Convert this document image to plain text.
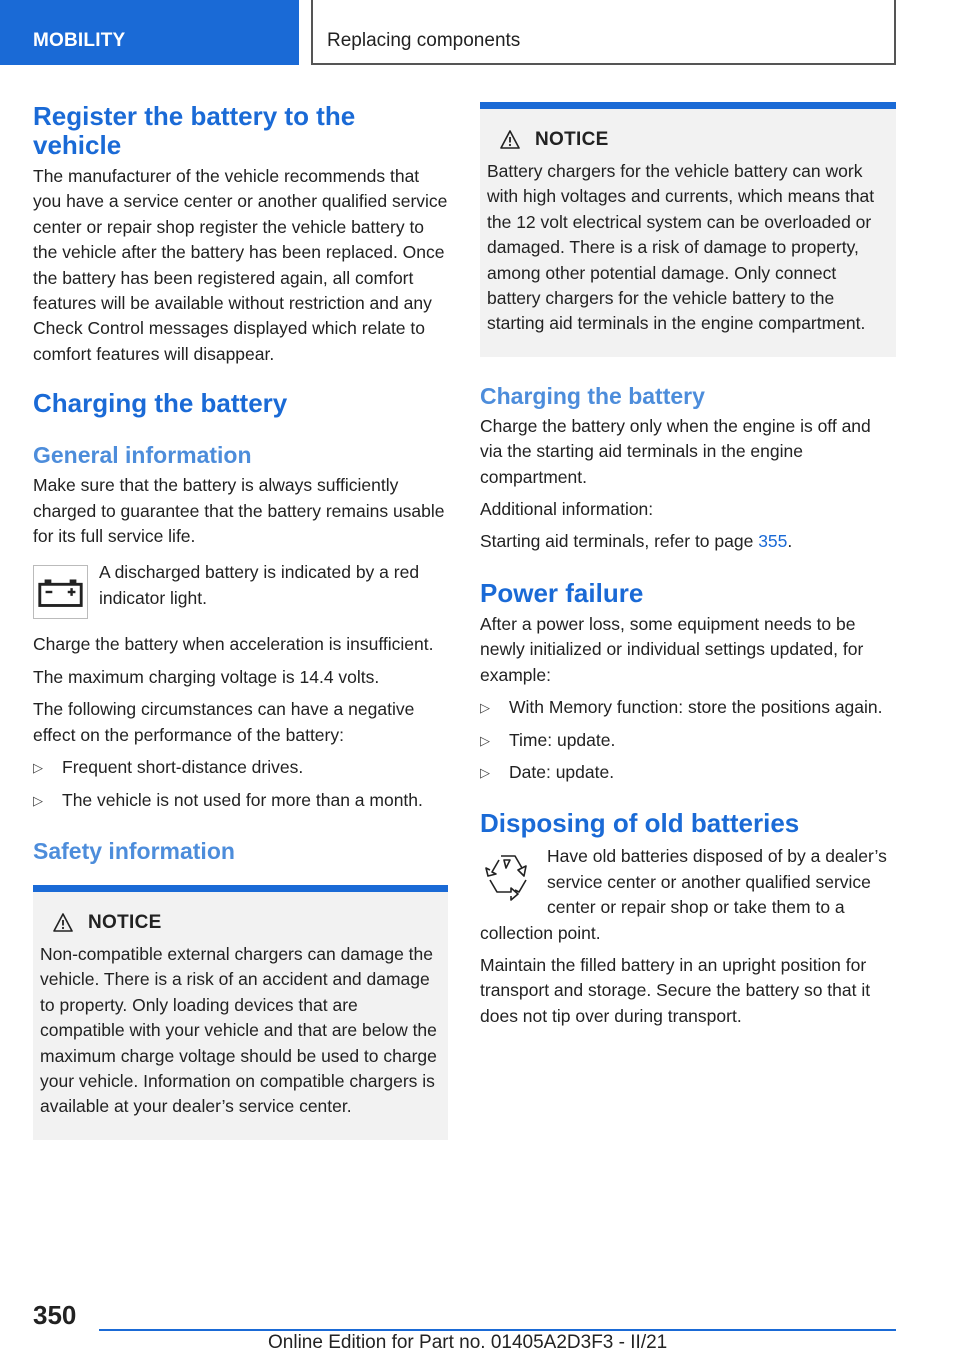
MOBILITY	Replacing components
Register the battery to the vehicle

The manufacturer of the vehicle recommends that you have a service center or another qualified service center or repair shop register the vehicle battery to the vehicle after the battery has been replaced. Once the battery has been registered again, all comfort features will be available without restriction and any Check Control messages displayed which relate to comfort features will disappear.

Charging the battery
General information

Make sure that the battery is always sufficiently charged to guarantee that the battery remains usable for its full service life.

A discharged battery is indicated by a red indicator light.

Charge the battery when acceleration is insufficient.

The maximum charging voltage is 14.4 volts.

The following circumstances can have a negative effect on the performance of the battery:

▷ Frequent short-distance drives.
▷ The vehicle is not used for more than a month.
Safety information
NOTICE

Non-compatible external chargers can damage the vehicle. There is a risk of an accident and damage to property. Only loading devices that are compatible with your vehicle and that are below the maximum charge voltage should be used to charge your vehicle. Information on compatible chargers is available at your dealer’s service center.

NOTICE

Battery chargers for the vehicle battery can work with high voltages and currents, which means that the 12 volt electrical system can be overloaded or damaged. There is a risk of damage to property, among other potential damage. Only connect battery chargers for the vehicle battery to the starting aid terminals in the engine compartment.

Charging the battery

Charge the battery only when the engine is off and via the starting aid terminals in the engine compartment.

Additional information:

Starting aid terminals, refer to page 355.

Power failure

After a power loss, some equipment needs to be newly initialized or individual settings updated, for example:

▷ With Memory function: store the positions again.
▷ Time: update.
▷ Date: update.
Disposing of old batteries

Have old batteries disposed of by a dealer’s service center or another qualified service center or repair shop or take them to a collection point.

Maintain the filled battery in an upright position for transport and storage. Secure the battery so that it does not tip over during transport.

350
Online Edition for Part no. 01405A2D3F3 - II/21
